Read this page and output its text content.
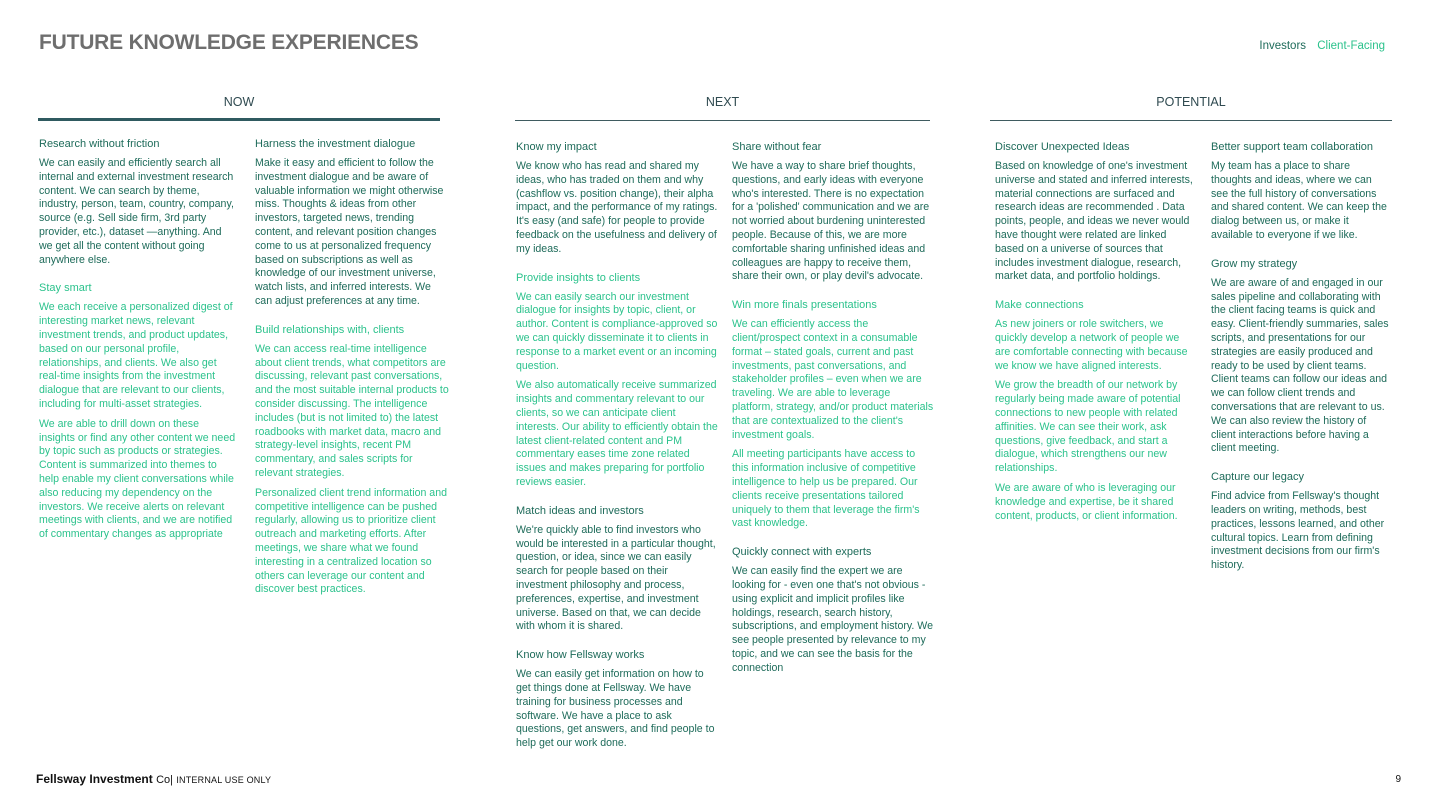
FUTURE KNOWLEDGE EXPERIENCES	Investors Client-Facing
NOW	NEXT	POTENTIAL
Research without friction

We can easily and efficiently search all internal and external investment research content. We can search by theme, industry, person, team, country, company, source (e.g. Sell side firm, 3rd party provider, etc.), dataset —anything. And we get all the content without going anywhere else.

Stay smart

We each receive a personalized digest of interesting market news, relevant investment trends, and product updates, based on our personal profile, relationships, and clients. We also get real-time insights from the investment dialogue that are relevant to our clients, including for multi-asset strategies.

We are able to drill down on these insights or find any other content we need by topic such as products or strategies. Content is summarized into themes to help enable my client conversations while also reducing my dependency on the investors. We receive alerts on relevant meetings with clients, and we are notified of commentary changes as appropriate

Harness the investment dialogue

Make it easy and efficient to follow the investment dialogue and be aware of valuable information we might otherwise miss. Thoughts & ideas from other investors, targeted news, trending content, and relevant position changes come to us at personalized frequency based on subscriptions as well as knowledge of our investment universe, watch lists, and inferred interests. We can adjust preferences at any time.

Build relationships with, clients

We can access real-time intelligence about client trends, what competitors are discussing, relevant past conversations, and the most suitable internal products to consider discussing. The intelligence includes (but is not limited to) the latest roadbooks with market data, macro and strategy-level insights, recent PM commentary, and sales scripts for relevant strategies.

Personalized client trend information and competitive intelligence can be pushed regularly, allowing us to prioritize client outreach and marketing efforts. After meetings, we share what we found interesting in a centralized location so others can leverage our content and discover best practices.

Know my impact

We know who has read and shared my ideas, who has traded on them and why (cashflow vs. position change), their alpha impact, and the performance of my ratings. It's easy (and safe) for people to provide feedback on the usefulness and delivery of my ideas.

Provide insights to clients

We can easily search our investment dialogue for insights by topic, client, or author. Content is compliance-approved so we can quickly disseminate it to clients in response to a market event or an incoming question.

We also automatically receive summarized insights and commentary relevant to our clients, so we can anticipate client interests. Our ability to efficiently obtain the latest client-related content and PM commentary eases time zone related issues and makes preparing for portfolio reviews easier.

Match ideas and investors

We're quickly able to find investors who would be interested in a particular thought, question, or idea, since we can easily search for people based on their investment philosophy and process, preferences, expertise, and investment universe. Based on that, we can decide with whom it is shared.

Know how Fellsway works

We can easily get information on how to get things done at Fellsway. We have training for business processes and software. We have a place to ask questions, get answers, and find people to help get our work done.

Share without fear

We have a way to share brief thoughts, questions, and early ideas with everyone who's interested. There is no expectation for a 'polished' communication and we are not worried about burdening uninterested people. Because of this, we are more comfortable sharing unfinished ideas and colleagues are happy to receive them, share their own, or play devil's advocate.

Win more finals presentations

We can efficiently access the client/prospect context in a consumable format – stated goals, current and past investments, past conversations, and stakeholder profiles – even when we are traveling. We are able to leverage platform, strategy, and/or product materials that are contextualized to the client's investment goals.

All meeting participants have access to this information inclusive of competitive intelligence to help us be prepared. Our clients receive presentations tailored uniquely to them that leverage the firm's vast knowledge.

Quickly connect with experts

We can easily find the expert we are looking for - even one that's not obvious - using explicit and implicit profiles like holdings, research, search history, subscriptions, and employment history. We see people presented by relevance to my topic, and we can see the basis for the connection

Discover Unexpected Ideas

Based on knowledge of one's investment universe and stated and inferred interests, material connections are surfaced and research ideas are recommended . Data points, people, and ideas we never would have thought were related are linked based on a universe of sources that includes investment dialogue, research, market data, and portfolio holdings.

Make connections

As new joiners or role switchers, we quickly develop a network of people we are comfortable connecting with because we know we have aligned interests.

We grow the breadth of our network by regularly being made aware of potential connections to new people with related affinities. We can see their work, ask questions, give feedback, and start a dialogue, which strengthens our new relationships.

We are aware of who is leveraging our knowledge and expertise, be it shared content, products, or client information.

Better support team collaboration

My team has a place to share thoughts and ideas, where we can see the full history of conversations and shared content. We can keep the dialog between us, or make it available to everyone if we like.

Grow my strategy

We are aware of and engaged in our sales pipeline and collaborating with the client facing teams is quick and easy. Client-friendly summaries, sales scripts, and presentations for our strategies are easily produced and ready to be used by client teams. Client teams can follow our ideas and we can follow client trends and conversations that are relevant to us. We can also review the history of client interactions before having a client meeting.

Capture our legacy

Find advice from Fellsway's thought leaders on writing, methods, best practices, lessons learned, and other cultural topics. Learn from defining investment decisions from our firm's history.

Fellsway Investment Co| INTERNAL USE ONLY	9
